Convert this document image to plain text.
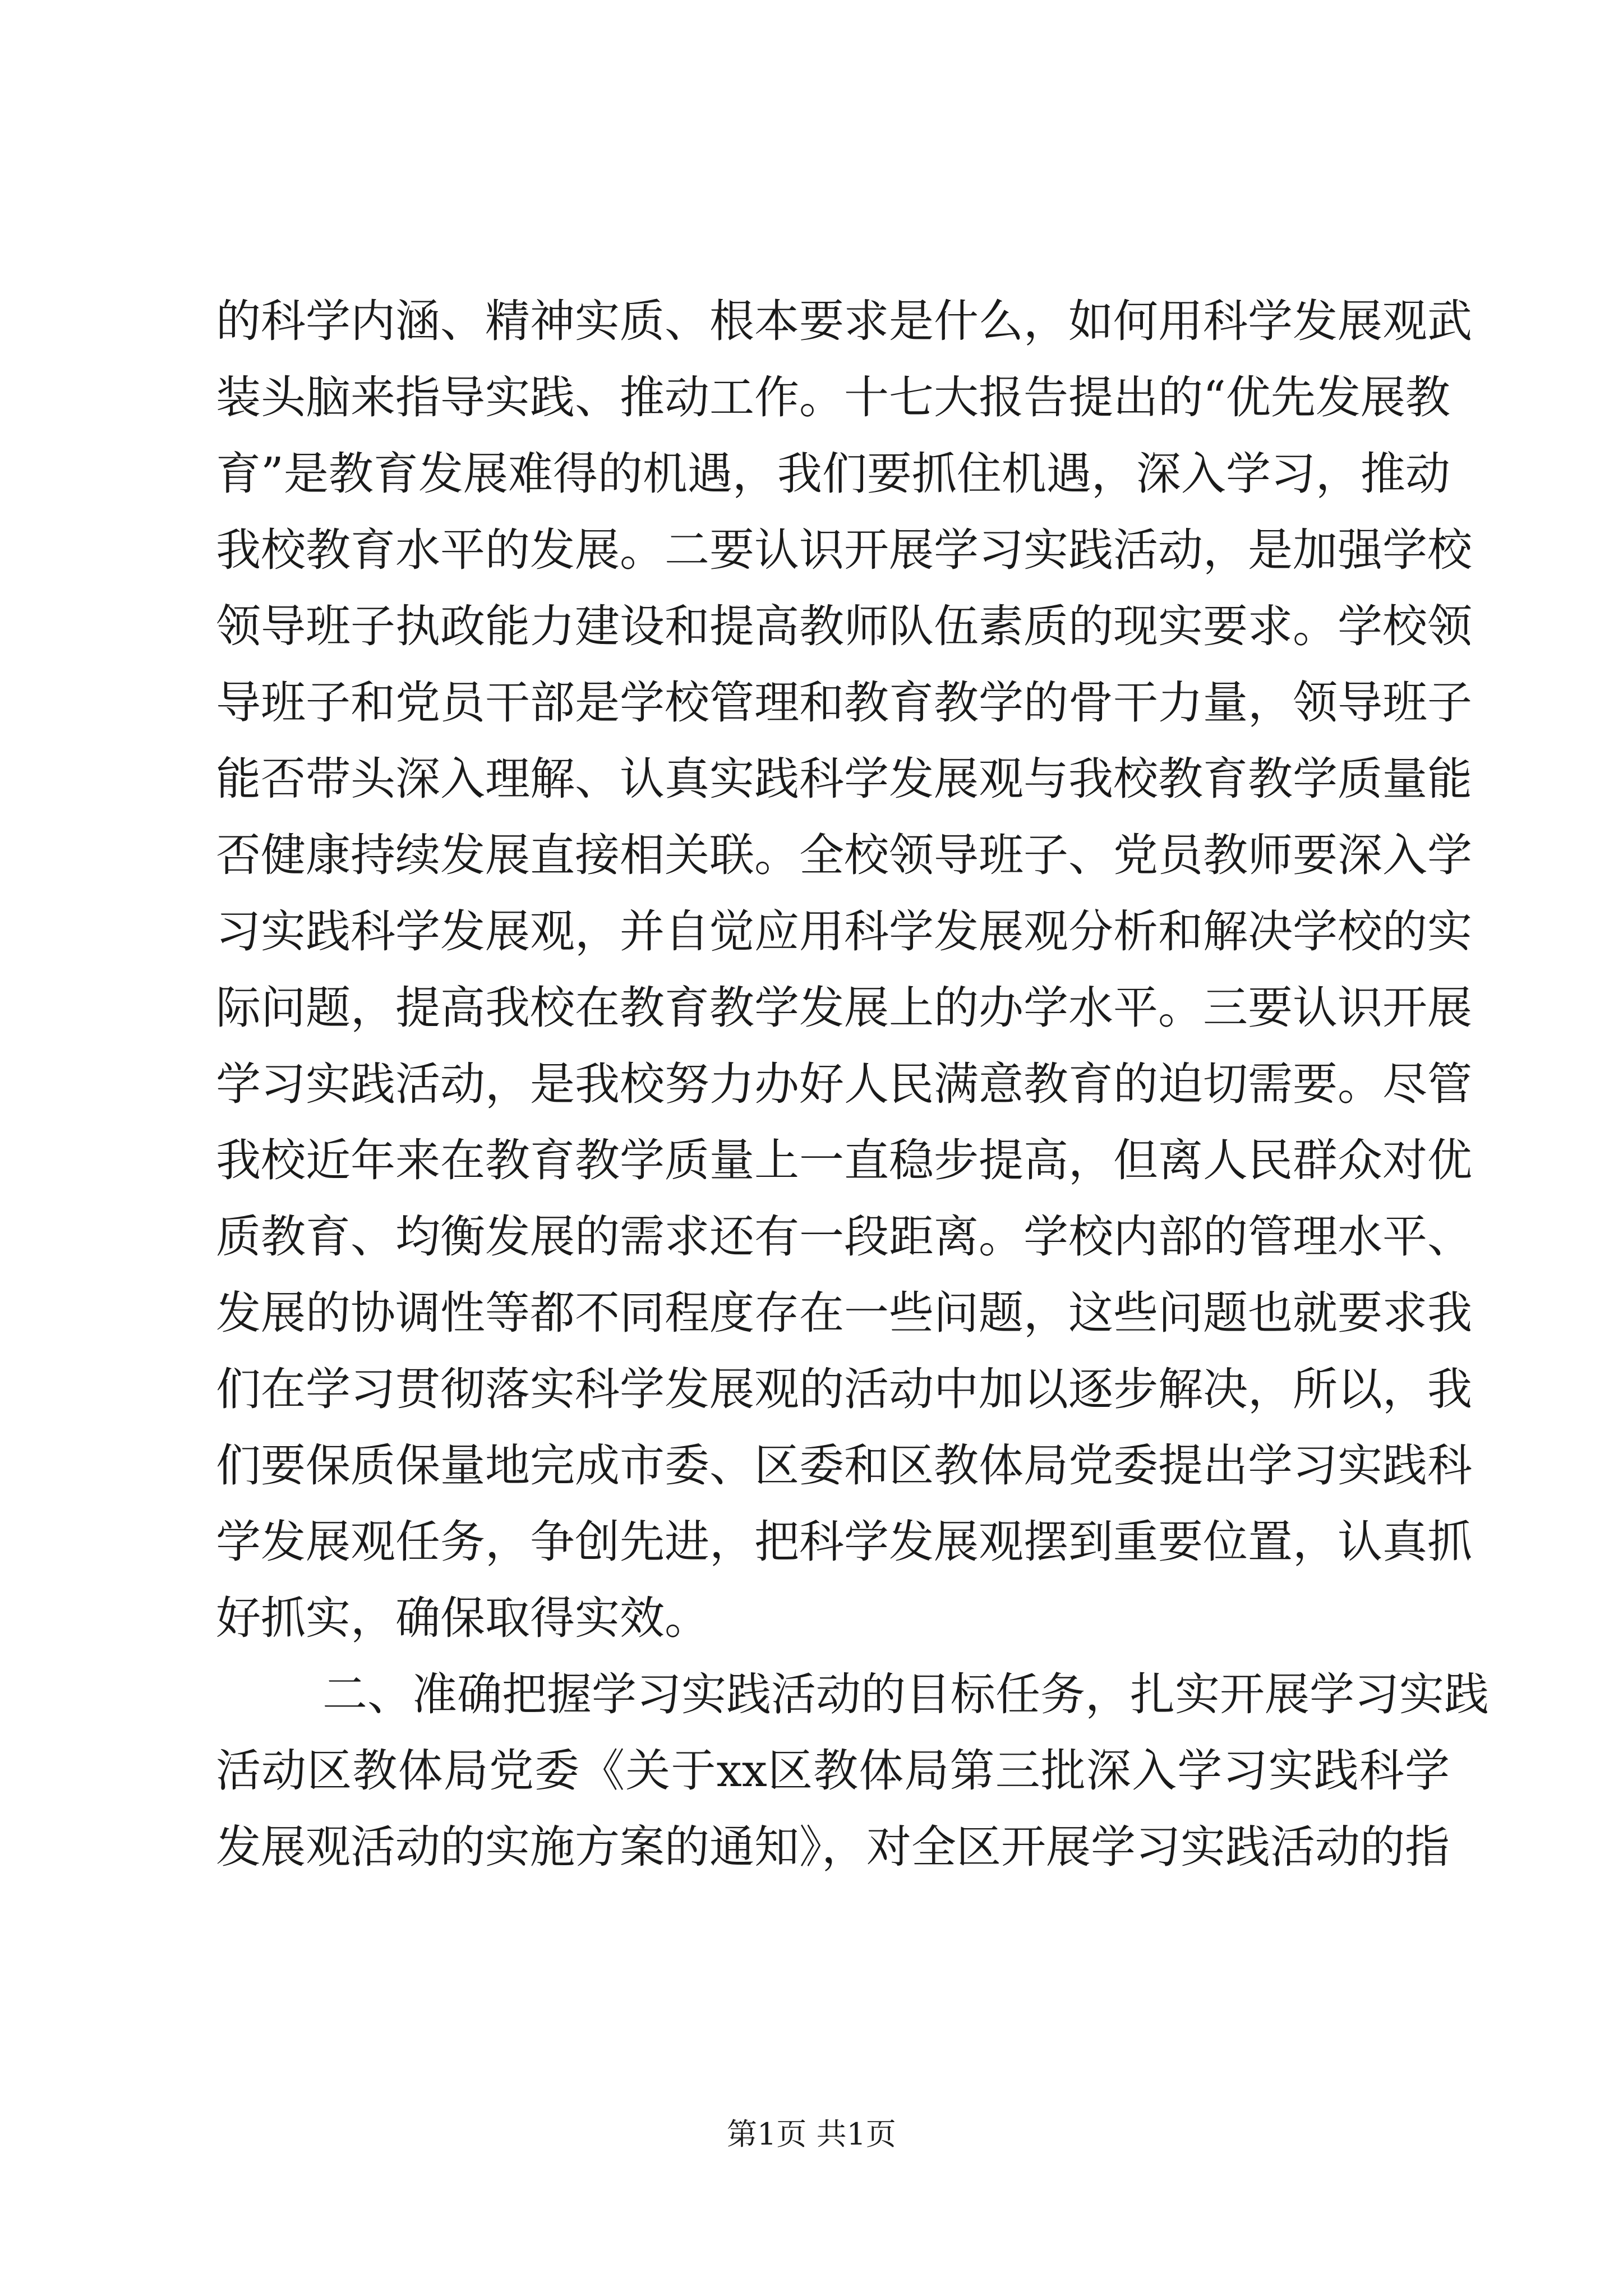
的科学内涵、精神实质、根本要求是什么，如何用科学发展观武
装头脑来指导实践、推动工作。十七大报告提出的“优先发展教
育”是教育发展难得的机遇，我们要抓住机遇，深入学习，推动
我校教育水平的发展。二要认识开展学习实践活动，是加强学校
领导班子执政能力建设和提高教师队伍素质的现实要求。学校领
导班子和党员干部是学校管理和教育教学的骨干力量，领导班子
能否带头深入理解、认真实践科学发展观与我校教育教学质量能
否健康持续发展直接相关联。全校领导班子、党员教师要深入学
习实践科学发展观，并自觉应用科学发展观分析和解决学校的实
际问题，提高我校在教育教学发展上的办学水平。三要认识开展
学习实践活动，是我校努力办好人民满意教育的迫切需要。尽管
我校近年来在教育教学质量上一直稳步提高，但离人民群众对优
质教育、均衡发展的需求还有一段距离。学校内部的管理水平、
发展的协调性等都不同程度存在一些问题，这些问题也就要求我
们在学习贯彻落实科学发展观的活动中加以逐步解决，所以，我
们要保质保量地完成市委、区委和区教体局党委提出学习实践科
学发展观任务，争创先进，把科学发展观摆到重要位置，认真抓
好抓实，确保取得实效。
二、准确把握学习实践活动的目标任务，扎实开展学习实践
活动区教体局党委《关于xx区教体局第三批深入学习实践科学
发展观活动的实施方案的通知》，对全区开展学习实践活动的指
第1页 共1页
